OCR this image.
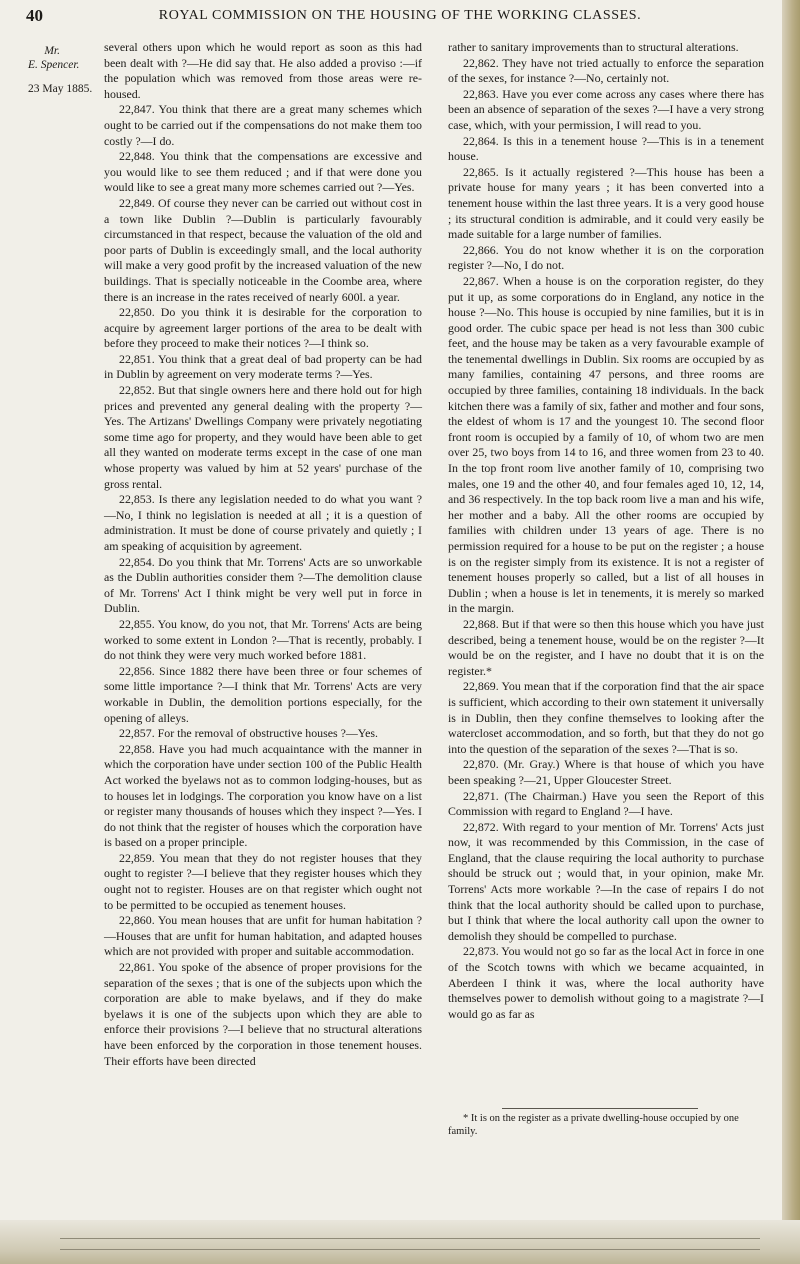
40	ROYAL COMMISSION ON THE HOUSING OF THE WORKING CLASSES.
Mr.
E. Spencer.
23 May 1885.

several others upon which he would report as soon as this had been dealt with ?—He did say that. He also added a proviso :—if the population which was removed from those areas were re-housed.

22,847. You think that there are a great many schemes which ought to be carried out if the compensations do not make them too costly ?—I do.

22,848. You think that the compensations are excessive and you would like to see them reduced ; and if that were done you would like to see a great many more schemes carried out ?—Yes.

22,849. Of course they never can be carried out without cost in a town like Dublin ?—Dublin is particularly favourably circumstanced in that respect, because the valuation of the old and poor parts of Dublin is exceedingly small, and the local authority will make a very good profit by the increased valuation of the new buildings. That is specially noticeable in the Coombe area, where there is an increase in the rates received of nearly 600l. a year.

22,850. Do you think it is desirable for the corporation to acquire by agreement larger portions of the area to be dealt with before they proceed to make their notices ?—I think so.

22,851. You think that a great deal of bad property can be had in Dublin by agreement on very moderate terms ?—Yes.

22,852. But that single owners here and there hold out for high prices and prevented any general dealing with the property ?—Yes. The Artizans' Dwellings Company were privately negotiating some time ago for property, and they would have been able to get all they wanted on moderate terms except in the case of one man whose property was valued by him at 52 years' purchase of the gross rental.

22,853. Is there any legislation needed to do what you want ?—No, I think no legislation is needed at all ; it is a question of administration. It must be done of course privately and quietly ; I am speaking of acquisition by agreement.

22,854. Do you think that Mr. Torrens' Acts are so unworkable as the Dublin authorities consider them ?—The demolition clause of Mr. Torrens' Act I think might be very well put in force in Dublin.

22,855. You know, do you not, that Mr. Torrens' Acts are being worked to some extent in London ?—That is recently, probably. I do not think they were very much worked before 1881.

22,856. Since 1882 there have been three or four schemes of some little importance ?—I think that Mr. Torrens' Acts are very workable in Dublin, the demolition portions especially, for the opening of alleys.

22,857. For the removal of obstructive houses ?—Yes.

22,858. Have you had much acquaintance with the manner in which the corporation have under section 100 of the Public Health Act worked the byelaws not as to common lodging-houses, but as to houses let in lodgings. The corporation you know have on a list or register many thousands of houses which they inspect ?—Yes. I do not think that the register of houses which the corporation have is based on a proper principle.

22,859. You mean that they do not register houses that they ought to register ?—I believe that they register houses which they ought not to register. Houses are on that register which ought not to be permitted to be occupied as tenement houses.

22,860. You mean houses that are unfit for human habitation ?—Houses that are unfit for human habitation, and adapted houses which are not provided with proper and suitable accommodation.

22,861. You spoke of the absence of proper provisions for the separation of the sexes ; that is one of the subjects upon which the corporation are able to make byelaws, and if they do make byelaws it is one of the subjects upon which they are able to enforce their provisions ?—I believe that no structural alterations have been enforced by the corporation in those tenement houses. Their efforts have been directed

rather to sanitary improvements than to structural alterations.

22,862. They have not tried actually to enforce the separation of the sexes, for instance ?—No, certainly not.

22,863. Have you ever come across any cases where there has been an absence of separation of the sexes ?—I have a very strong case, which, with your permission, I will read to you.

22,864. Is this in a tenement house ?—This is in a tenement house.

22,865. Is it actually registered ?—This house has been a private house for many years ; it has been converted into a tenement house within the last three years. It is a very good house ; its structural condition is admirable, and it could very easily be made suitable for a large number of families.

22,866. You do not know whether it is on the corporation register ?—No, I do not.

22,867. When a house is on the corporation register, do they put it up, as some corporations do in England, any notice in the house ?—No. This house is occupied by nine families, but it is in good order. The cubic space per head is not less than 300 cubic feet, and the house may be taken as a very favourable example of the tenemental dwellings in Dublin. Six rooms are occupied by as many families, containing 47 persons, and three rooms are occupied by three families, containing 18 individuals. In the back kitchen there was a family of six, father and mother and four sons, the eldest of whom is 17 and the youngest 10. The second floor front room is occupied by a family of 10, of whom two are men over 25, two boys from 14 to 16, and three women from 23 to 40. In the top front room live another family of 10, comprising two males, one 19 and the other 40, and four females aged 10, 12, 14, and 36 respectively. In the top back room live a man and his wife, her mother and a baby. All the other rooms are occupied by families with children under 13 years of age. There is no permission required for a house to be put on the register ; a house is on the register simply from its existence. It is not a register of tenement houses properly so called, but a list of all houses in Dublin ; when a house is let in tenements, it is merely so marked in the margin.

22,868. But if that were so then this house which you have just described, being a tenement house, would be on the register ?—It would be on the register, and I have no doubt that it is on the register.*

22,869. You mean that if the corporation find that the air space is sufficient, which according to their own statement it universally is in Dublin, then they confine themselves to looking after the watercloset accommodation, and so forth, but that they do not go into the question of the separation of the sexes ?—That is so.

22,870. (Mr. Gray.) Where is that house of which you have been speaking ?—21, Upper Gloucester Street.

22,871. (The Chairman.) Have you seen the Report of this Commission with regard to England ?—I have.

22,872. With regard to your mention of Mr. Torrens' Acts just now, it was recommended by this Commission, in the case of England, that the clause requiring the local authority to purchase should be struck out ; would that, in your opinion, make Mr. Torrens' Acts more workable ?—In the case of repairs I do not think that the local authority should be called upon to purchase, but I think that where the local authority call upon the owner to demolish they should be compelled to purchase.

22,873. You would not go so far as the local Act in force in one of the Scotch towns with which we became acquainted, in Aberdeen I think it was, where the local authority have themselves power to demolish without going to a magistrate ?—I would go as far as

* It is on the register as a private dwelling-house occupied by one family.
